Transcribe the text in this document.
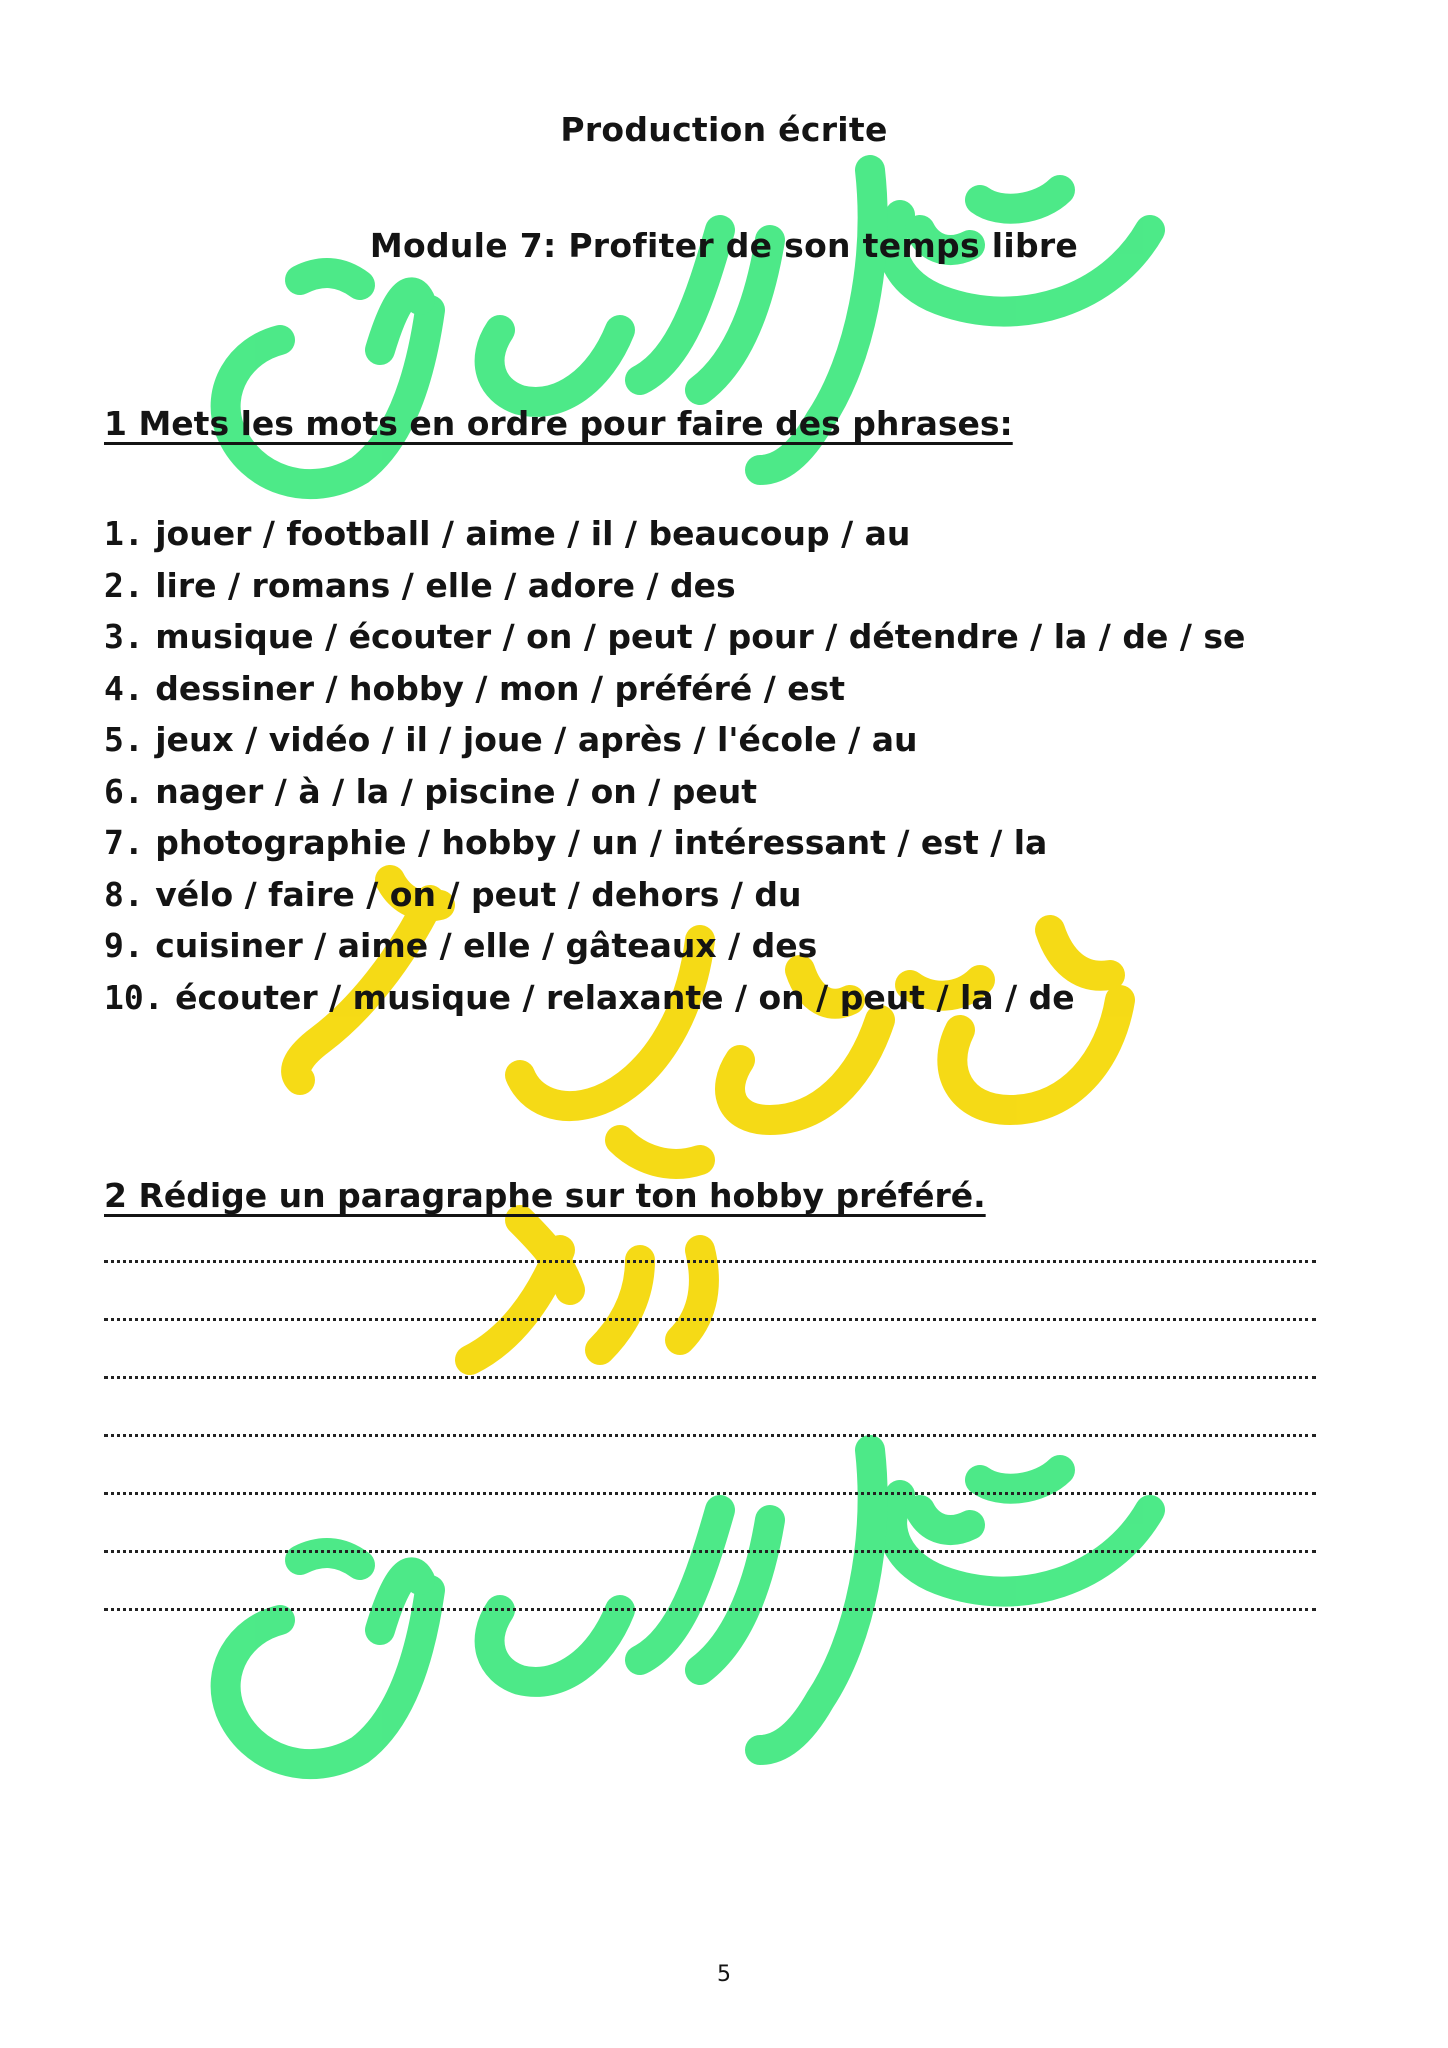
Production écrite
Module 7: Profiter de son temps libre
1 Mets les mots en ordre pour faire des phrases:
1. jouer / football / aime / il / beaucoup / au
2. lire / romans / elle / adore / des
3. musique / écouter / on / peut / pour / détendre / la / de / se
4. dessiner / hobby / mon / préféré / est
5. jeux / vidéo / il / joue / après / l'école / au
6. nager / à / la / piscine / on / peut
7. photographie / hobby / un / intéressant / est / la
8. vélo / faire / on / peut / dehors / du
9. cuisiner / aime / elle / gâteaux / des
10. écouter / musique / relaxante / on / peut / la / de
2 Rédige un paragraphe sur ton hobby préféré.
5
